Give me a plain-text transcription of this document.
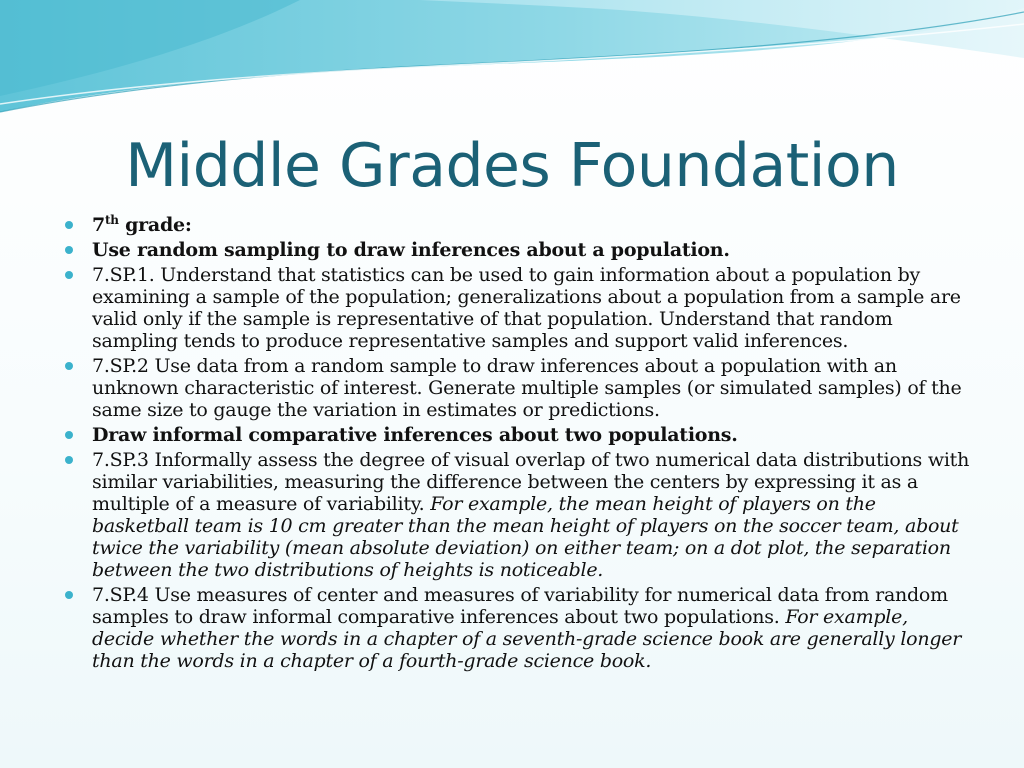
Middle Grades Foundation
7th grade:
Use random sampling to draw inferences about a population.
7.SP.1. Understand that statistics can be used to gain information about a population by examining a sample of the population; generalizations about a population from a sample are valid only if the sample is representative of that population. Understand that random sampling tends to produce representative samples and support valid inferences.
7.SP.2 Use data from a random sample to draw inferences about a population with an unknown characteristic of interest. Generate multiple samples (or simulated samples) of the same size to gauge the variation in estimates or predictions.
Draw informal comparative inferences about two populations.
7.SP.3 Informally assess the degree of visual overlap of two numerical data distributions with similar variabilities, measuring the difference between the centers by expressing it as a multiple of a measure of variability. For example, the mean height of players on the basketball team is 10 cm greater than the mean height of players on the soccer team, about twice the variability (mean absolute deviation) on either team; on a dot plot, the separation between the two distributions of heights is noticeable.
7.SP.4 Use measures of center and measures of variability for numerical data from random samples to draw informal comparative inferences about two populations. For example, decide whether the words in a chapter of a seventh-grade science book are generally longer than the words in a chapter of a fourth-grade science book.
